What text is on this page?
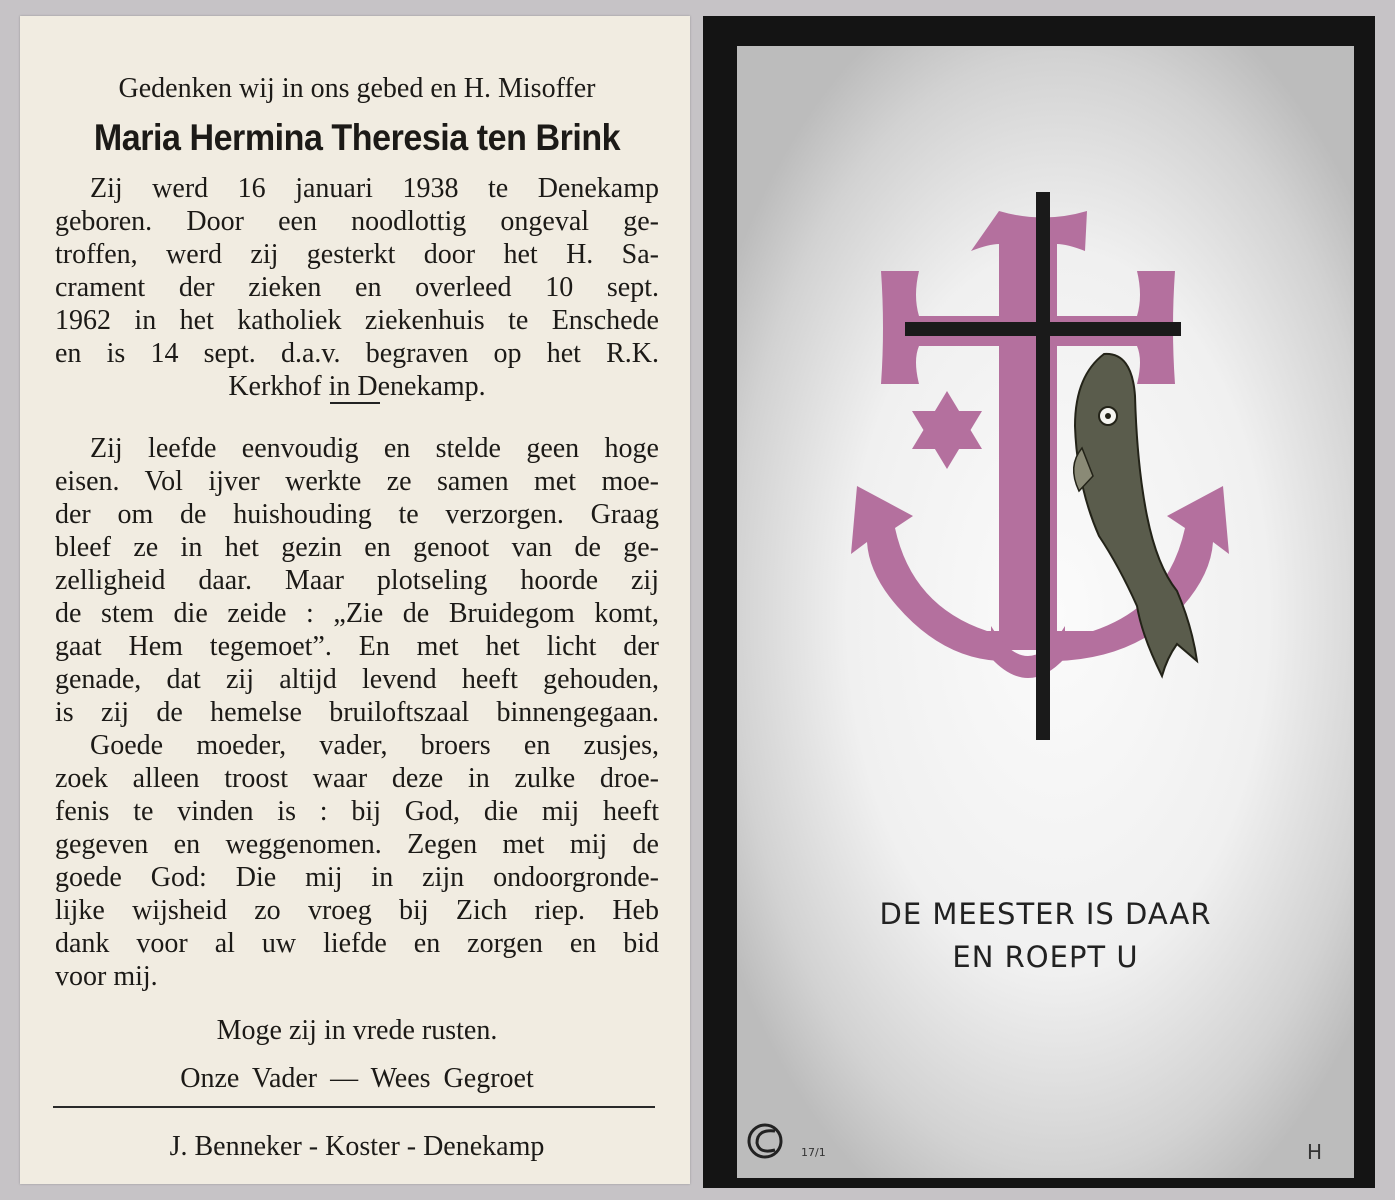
Gedenken wij in ons gebed en H. Misoffer
Maria Hermina Theresia ten Brink
Zij werd 16 januari 1938 te Denekamp
geboren. Door een noodlottig ongeval ge-
troffen, werd zij gesterkt door het H. Sa-
crament der zieken en overleed 10 sept.
1962 in het katholiek ziekenhuis te Enschede
en is 14 sept. d.a.v. begraven op het R.K.
Kerkhof in Denekamp.
Zij leefde eenvoudig en stelde geen hoge
eisen. Vol ijver werkte ze samen met moe-
der om de huishouding te verzorgen. Graag
bleef ze in het gezin en genoot van de ge-
zelligheid daar. Maar plotseling hoorde zij
de stem die zeide : „Zie de Bruidegom komt,
gaat Hem tegemoet”. En met het licht der
genade, dat zij altijd levend heeft gehouden,
is zij de hemelse bruiloftszaal binnengegaan.
Goede moeder, vader, broers en zusjes,
zoek alleen troost waar deze in zulke droe-
fenis te vinden is : bij God, die mij heeft
gegeven en weggenomen. Zegen met mij de
goede God: Die mij in zijn ondoorgronde-
lijke wijsheid zo vroeg bij Zich riep. Heb
dank voor al uw liefde en zorgen en bid
voor mij.
Moge zij in vrede rusten.
Onze Vader — Wees Gegroet
J. Benneker - Koster - Denekamp
DE MEESTER IS DAAR
EN ROEPT U
17/1	H
